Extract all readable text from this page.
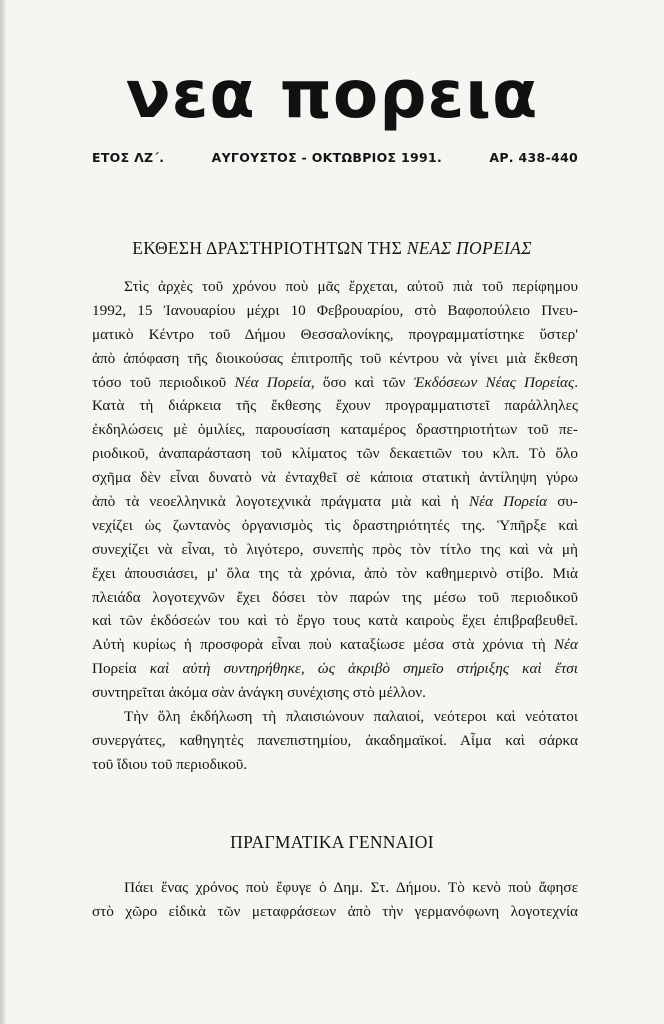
νεα πορεια
ΕΤΟΣ ΛΖ΄.	ΑΥΓΟΥΣΤΟΣ - ΟΚΤΩΒΡΙΟΣ 1991.	ΑΡ. 438-440
ΕΚΘΕΣΗ ΔΡΑΣΤΗΡΙΟΤΗΤΩΝ ΤΗΣ ΝΕΑΣ ΠΟΡΕΙΑΣ
Στὶς ἀρχὲς τοῦ χρόνου ποὺ μᾶς ἔρχεται, αὐτοῦ πιὰ τοῦ περίφημου
1992, 15 Ἰανουαρίου μέχρι 10 Φεβρουαρίου, στὸ Βαφοπούλειο Πνευ-
ματικὸ Κέντρο τοῦ Δήμου Θεσσαλονίκης, προγραμματίστηκε ὕστερ'
ἀπὸ ἀπόφαση τῆς διοικούσας ἐπιτροπῆς τοῦ κέντρου νὰ γίνει μιὰ ἔκθεση
τόσο τοῦ περιοδικοῦ Νέα Πορεία, ὅσο καὶ τῶν Ἐκδόσεων Νέας Πορείας.
Κατὰ τὴ διάρκεια τῆς ἔκθεσης ἔχουν προγραμματιστεῖ παράλληλες
ἐκδηλώσεις μὲ ὁμιλίες, παρουσίαση καταμέρος δραστηριοτήτων τοῦ πε-
ριοδικοῦ, ἀναπαράσταση τοῦ κλίματος τῶν δεκαετιῶν του κλπ. Τὸ ὅλο
σχῆμα δὲν εἶναι δυνατὸ νὰ ἐνταχθεῖ σὲ κάποια στατικὴ ἀντίληψη γύρω
ἀπὸ τὰ νεοελληνικὰ λογοτεχνικὰ πράγματα μιὰ καὶ ἡ Νέα Πορεία συ-
νεχίζει ὡς ζωντανὸς ὀργανισμὸς τὶς δραστηριότητές της. Ὑπῆρξε καὶ
συνεχίζει νὰ εἶναι, τὸ λιγότερο, συνεπὴς πρὸς τὸν τίτλο της καὶ νὰ μὴ
ἔχει ἀπουσιάσει, μ' ὅλα της τὰ χρόνια, ἀπὸ τὸν καθημερινὸ στίβο. Μιὰ
πλειάδα λογοτεχνῶν ἔχει δόσει τὸν παρών της μέσω τοῦ περιοδικοῦ
καὶ τῶν ἐκδόσεών του καὶ τὸ ἔργο τους κατὰ καιροὺς ἔχει ἐπιβραβευθεῖ.
Αὐτὴ κυρίως ἡ προσφορὰ εἶναι ποὺ καταξίωσε μέσα στὰ χρόνια τὴ Νέα
Πορεία καὶ αὐτὴ συντηρήθηκε, ὡς ἀκριβὸ σημεῖο στήριξης καὶ ἔτσι
συντηρεῖται ἀκόμα σὰν ἀνάγκη συνέχισης στὸ μέλλον.
Τὴν ὅλη ἐκδήλωση τὴ πλαισιώνουν παλαιοί, νεότεροι καὶ νεότατοι
συνεργάτες, καθηγητὲς πανεπιστημίου, ἀκαδημαϊκοί. Αἷμα καὶ σάρκα
τοῦ ἴδιου τοῦ περιοδικοῦ.
ΠΡΑΓΜΑΤΙΚΑ ΓΕΝΝΑΙΟΙ
Πάει ἕνας χρόνος ποὺ ἔφυγε ὁ Δημ. Στ. Δήμου. Τὸ κενὸ ποὺ ἄφησε
στὸ χῶρο εἰδικὰ τῶν μεταφράσεων ἀπὸ τὴν γερμανόφωνη λογοτεχνία
